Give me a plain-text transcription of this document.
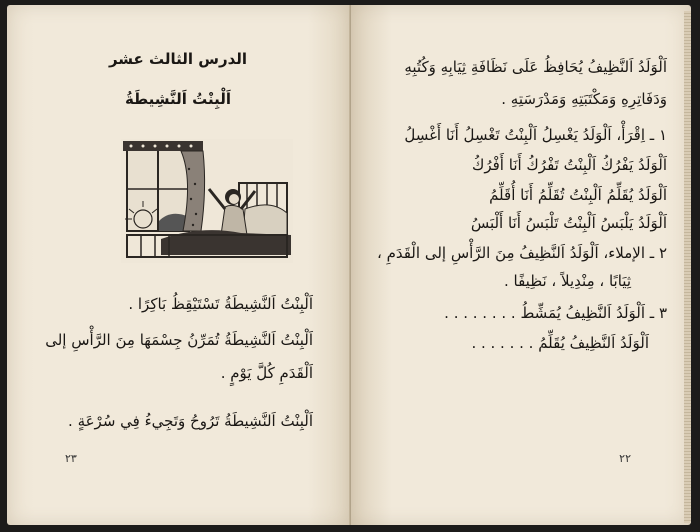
الدرس الثالث عشر
اَلْبِنْتُ اَلنَّشِيطَةُ
اَلْبِنْتُ اَلنَّشِيطَةُ تَسْتَيْقِظُ بَاكِرًا .
اَلْبِنْتُ اَلنَّشِيطَةُ تُمَرِّنُ جِسْمَهَا مِنَ الرَّأْسِ إلى
اَلْقَدَمِ كُلَّ يَوْمٍ .
اَلْبِنْتُ اَلنَّشِيطَةُ تَرُوحُ وَتَجِيءُ فِي سُرْعَةٍ .
٢٣
اَلْوَلَدُ اَلنَّظِيفُ يُحَافِظُ عَلَى نَظَافَةِ ثِيَابِهِ وَكُتُبِهِ
وَدَفَاتِرِهِ وَمَكْتَبَتِهِ وَمَدْرَسَتِهِ .
١ ـ اِقْرَأْ، اَلْوَلَدُ يَغْسِلُ اَلْبِنْتُ تَغْسِلُ أَنَا أَغْسِلُ
اَلْوَلَدُ يَفْرُكُ اَلْبِنْتُ تَفْرُكُ أَنَا أَفْرُكُ
اَلْوَلَدُ يُقَلِّمُ اَلْبِنْتُ تُقَلِّمُ أَنَا أُقَلِّمُ
اَلْوَلَدُ يَلْبَسُ اَلْبِنْتُ تَلْبَسُ أَنَا أَلْبَسُ
٢ ـ الإملاء، اَلْوَلَدُ اَلنَّظِيفُ مِنَ الرَّأْسِ إلى الْقَدَمِ ،
ثِيَابًا ، مِنْدِيلاً ، نَظِيفًا .
٣ ـ اَلْوَلَدُ اَلنَّظِيفُ يُمَشِّطُ . . . . . . . .
اَلْوَلَدُ اَلنَّظِيفُ يُقَلِّمُ . . . . . . .
٢٢
